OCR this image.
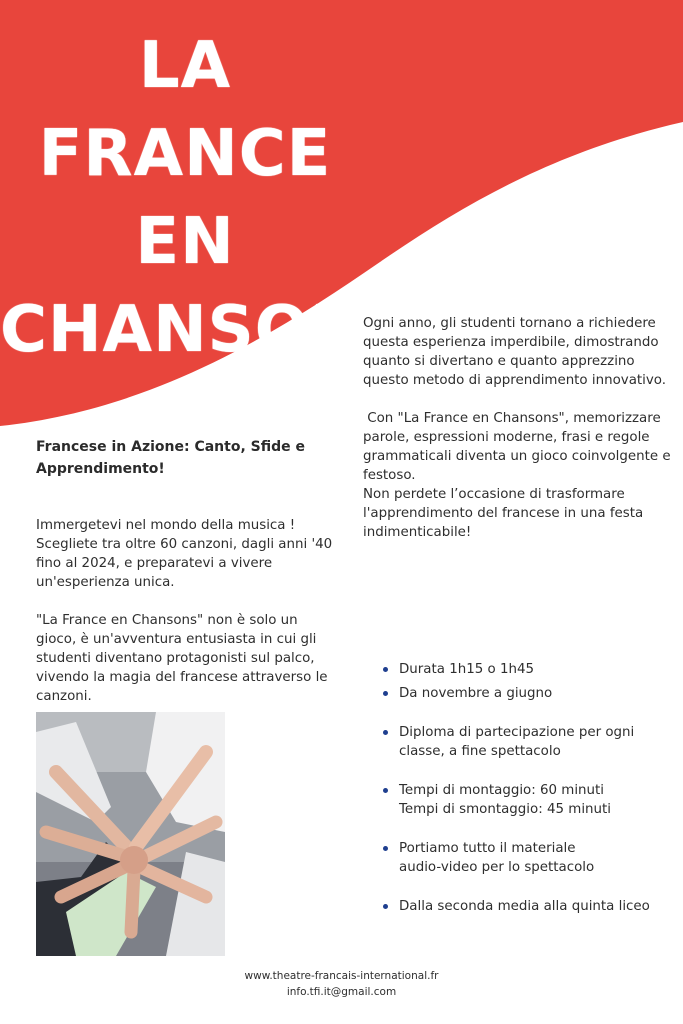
LA FRANCE
EN
CHANSONS
Ogni anno, gli studenti tornano a richiedere questa esperienza imperdibile, dimostrando quanto si divertano e quanto apprezzino questo metodo di apprendimento innovativo.

Con "La France en Chansons", memorizzare parole, espressioni moderne, frasi e regole grammaticali diventa un gioco coinvolgente e festoso.
Non perdete l’occasione di trasformare l'apprendimento del francese in una festa indimenticabile!
Francese in Azione: Canto, Sfide e Apprendimento!
Immergetevi nel mondo della musica ! Scegliete tra oltre 60 canzoni, dagli anni '40 fino al 2024, e preparatevi a vivere un'esperienza unica.

"La France en Chansons" non è solo un gioco, è un'avventura entusiasta in cui gli studenti diventano protagonisti sul palco, vivendo la magia del francese attraverso le canzoni.
Durata 1h15 o 1h45
Da novembre a giugno
Diploma di partecipazione per ogni classe, a fine spettacolo
Tempi di montaggio: 60 minuti
Tempi di smontaggio: 45 minuti
Portiamo tutto il materiale
audio-video per lo spettacolo
Dalla seconda media alla quinta liceo
www.theatre-francais-international.fr
info.tfi.it@gmail.com
